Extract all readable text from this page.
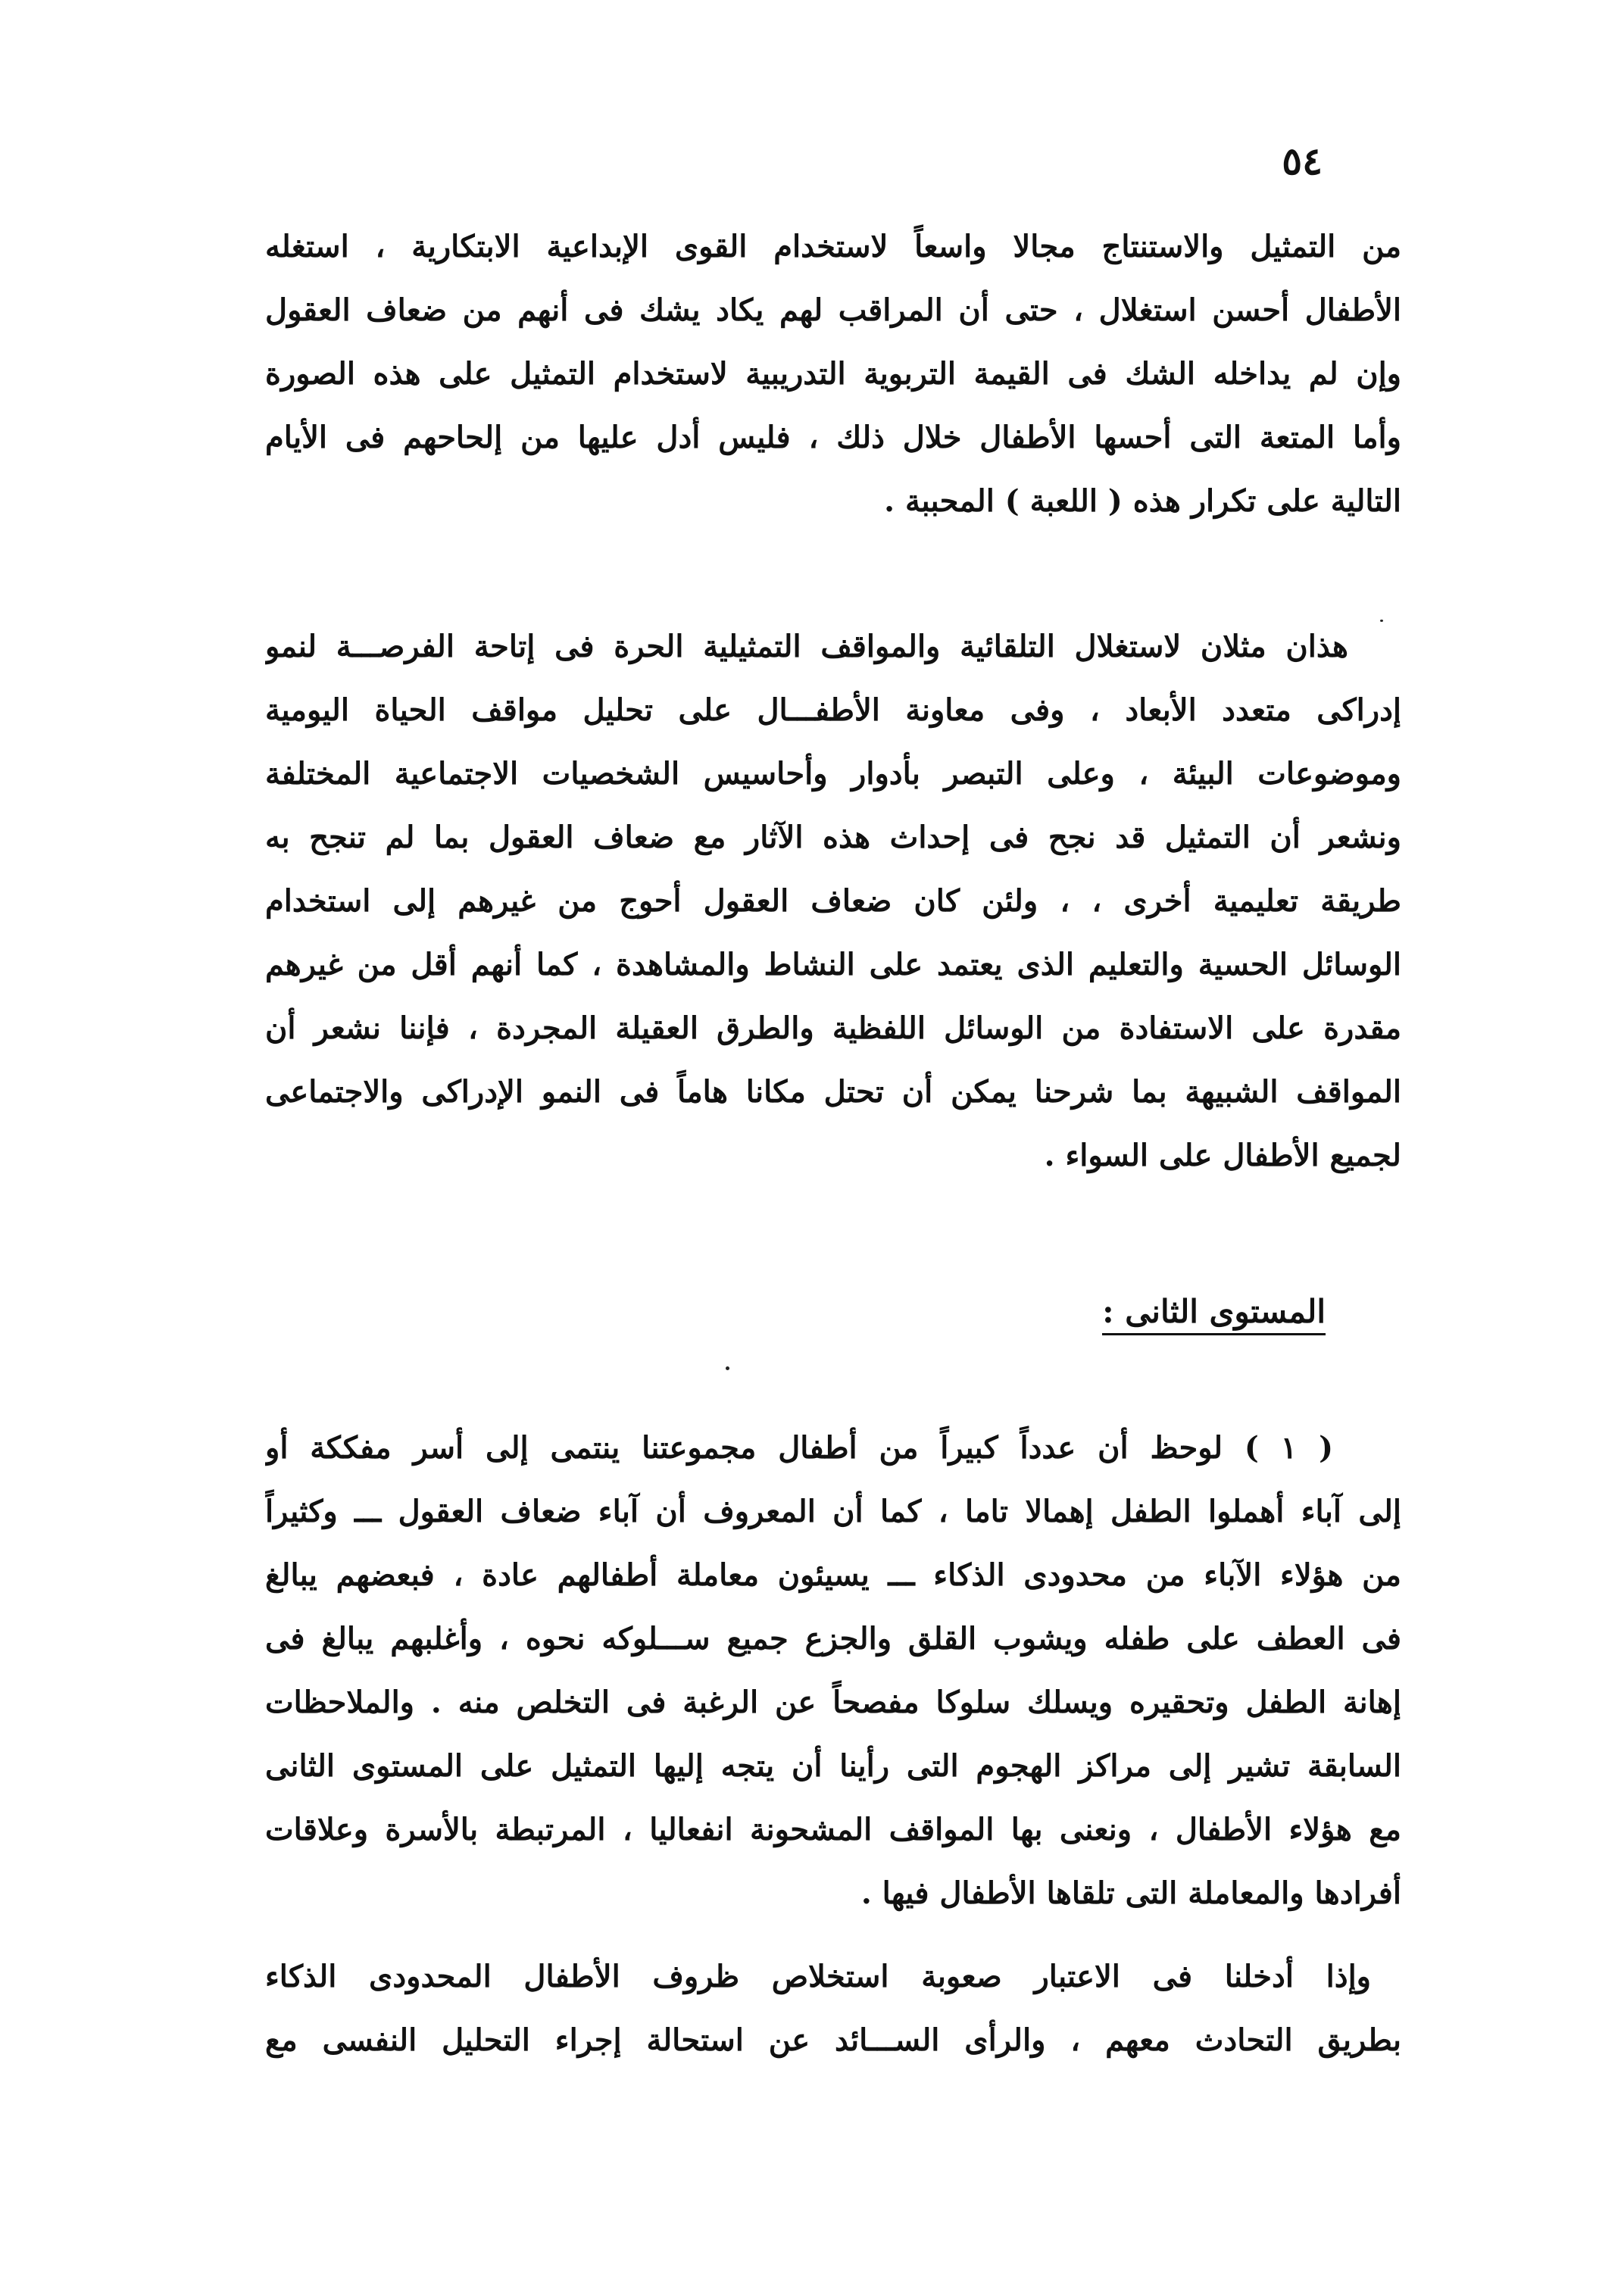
٥٤
من التمثيل والاستنتاج مجالا واسعاً لاستخدام القوى الإبداعية الابتكارية ، استغله
الأطفال أحسن استغلال ، حتى أن المراقب لهم يكاد يشك فى أنهم من ضعاف العقول
وإن لم يداخله الشك فى القيمة التربوية التدريبية لاستخدام التمثيل على هذه الصورة
وأما المتعة التى أحسها الأطفال خلال ذلك ، فليس أدل عليها من إلحاحهم فى الأيام
التالية على تكرار هذه ( اللعبة ) المحببة .
هذان مثلان لاستغلال التلقائية والمواقف التمثيلية الحرة فى إتاحة الفرصـــة لنمو
إدراكى متعدد الأبعاد ، وفى معاونة الأطفـــال على تحليل مواقف الحياة اليومية
وموضوعات البيئة ، وعلى التبصر بأدوار وأحاسيس الشخصيات الاجتماعية المختلفة
ونشعر أن التمثيل قد نجح فى إحداث هذه الآثار مع ضعاف العقول بما لم تنجح به
طريقة تعليمية أخرى ، ، ولئن كان ضعاف العقول أحوج من غيرهم إلى استخدام
الوسائل الحسية والتعليم الذى يعتمد على النشاط والمشاهدة ، كما أنهم أقل من غيرهم
مقدرة على الاستفادة من الوسائل اللفظية والطرق العقيلة المجردة ، فإننا نشعر أن
المواقف الشبيهة بما شرحنا يمكن أن تحتل مكانا هاماً فى النمو الإدراكى والاجتماعى
لجميع الأطفال على السواء .
المستوى الثانى :
( ١ ) لوحظ أن عدداً كبيراً من أطفال مجموعتنا ينتمى إلى أسر مفككة أو
إلى آباء أهملوا الطفل إهمالا تاما ، كما أن المعروف أن آباء ضعاف العقول ـــ وكثيراً
من هؤلاء الآباء من محدودى الذكاء ـــ يسيئون معاملة أطفالهم عادة ، فبعضهم يبالغ
فى العطف على طفله ويشوب القلق والجزع جميع ســـلوكه نحوه ، وأغلبهم يبالغ فى
إهانة الطفل وتحقيره ويسلك سلوكا مفصحاً عن الرغبة فى التخلص منه . والملاحظات
السابقة تشير إلى مراكز الهجوم التى رأينا أن يتجه إليها التمثيل على المستوى الثانى
مع هؤلاء الأطفال ، ونعنى بها المواقف المشحونة انفعاليا ، المرتبطة بالأسرة وعلاقات
أفرادها والمعاملة التى تلقاها الأطفال فيها .
وإذا أدخلنا فى الاعتبار صعوبة استخلاص ظروف الأطفال المحدودى الذكاء
بطريق التحادث معهم ، والرأى الســـائد عن استحالة إجراء التحليل النفسى مع
